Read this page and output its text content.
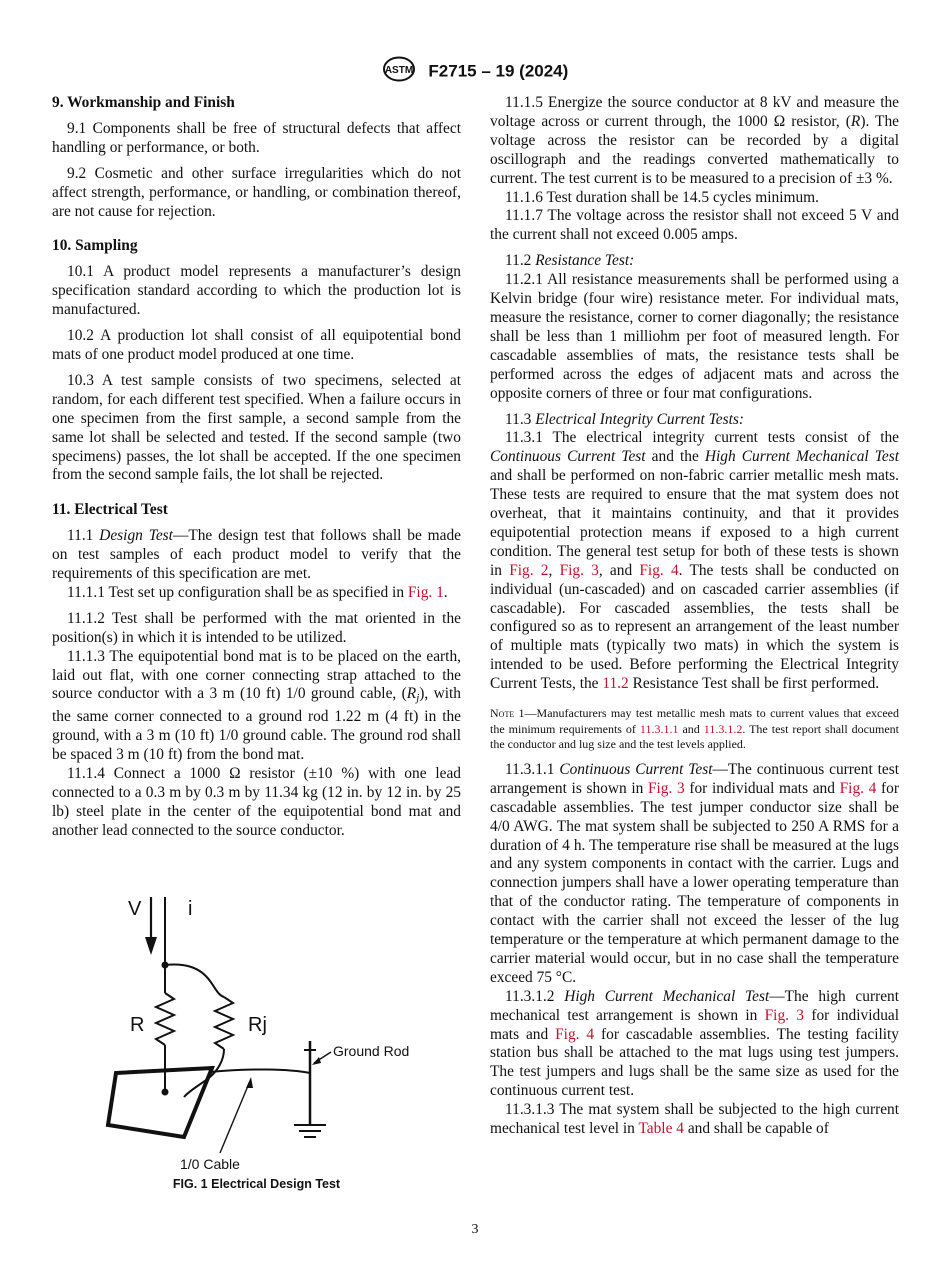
ASTM F2715 – 19 (2024)
9. Workmanship and Finish

9.1 Components shall be free of structural defects that affect handling or performance, or both.

9.2 Cosmetic and other surface irregularities which do not affect strength, performance, or handling, or combination thereof, are not cause for rejection.

10. Sampling

10.1 A product model represents a manufacturer’s design specification standard according to which the production lot is manufactured.

10.2 A production lot shall consist of all equipotential bond mats of one product model produced at one time.

10.3 A test sample consists of two specimens, selected at random, for each different test specified. When a failure occurs in one specimen from the first sample, a second sample from the same lot shall be selected and tested. If the second sample (two specimens) passes, the lot shall be accepted. If the one specimen from the second sample fails, the lot shall be rejected.

11. Electrical Test

11.1 Design Test—The design test that follows shall be made on test samples of each product model to verify that the requirements of this specification are met.

11.1.1 Test set up configuration shall be as specified in Fig. 1.

11.1.2 Test shall be performed with the mat oriented in the position(s) in which it is intended to be utilized.

11.1.3 The equipotential bond mat is to be placed on the earth, laid out flat, with one corner connecting strap attached to the source conductor with a 3 m (10 ft) 1/0 ground cable, $(R_j)$, with the same corner connected to a ground rod 1.22 m (4 ft) in the ground, with a 3 m (10 ft) 1/0 ground cable. The ground rod shall be spaced 3 m (10 ft) from the bond mat.

11.1.4 Connect a 1000 Ω resistor (±10 %) with one lead connected to a 0.3 m by 0.3 m by 11.34 kg (12 in. by 12 in. by 25 lb) steel plate in the center of the equipotential bond mat and another lead connected to the source conductor.

V i
R	Rj
Ground Rod
1/0 Cable
FIG. 1 Electrical Design Test

11.1.5 Energize the source conductor at 8 kV and measure the voltage across or current through, the 1000 Ω resistor, (R). The voltage across the resistor can be recorded by a digital oscillograph and the readings converted mathematically to current. The test current is to be measured to a precision of ±3 %.

11.1.6 Test duration shall be 14.5 cycles minimum.

11.1.7 The voltage across the resistor shall not exceed 5 V and the current shall not exceed 0.005 amps.

11.2 Resistance Test:

11.2.1 All resistance measurements shall be performed using a Kelvin bridge (four wire) resistance meter. For individual mats, measure the resistance, corner to corner diagonally; the resistance shall be less than 1 milliohm per foot of measured length. For cascadable assemblies of mats, the resistance tests shall be performed across the edges of adjacent mats and across the opposite corners of three or four mat configurations.

11.3 Electrical Integrity Current Tests:

11.3.1 The electrical integrity current tests consist of the Continuous Current Test and the High Current Mechanical Test and shall be performed on non-fabric carrier metallic mesh mats. These tests are required to ensure that the mat system does not overheat, that it maintains continuity, and that it provides equipotential protection means if exposed to a high current condition. The general test setup for both of these tests is shown in Fig. 2, Fig. 3, and Fig. 4. The tests shall be conducted on individual (un-cascaded) and on cascaded carrier assemblies (if cascadable). For cascaded assemblies, the tests shall be configured so as to represent an arrangement of the least number of multiple mats (typically two mats) in which the system is intended to be used. Before performing the Electrical Integrity Current Tests, the 11.2 Resistance Test shall be first performed.

Note 1—Manufacturers may test metallic mesh mats to current values that exceed the minimum requirements of 11.3.1.1 and 11.3.1.2. The test report shall document the conductor and lug size and the test levels applied.

11.3.1.1 Continuous Current Test—The continuous current test arrangement is shown in Fig. 3 for individual mats and Fig. 4 for cascadable assemblies. The test jumper conductor size shall be 4/0 AWG. The mat system shall be subjected to 250 A RMS for a duration of 4 h. The temperature rise shall be measured at the lugs and any system components in contact with the carrier. Lugs and connection jumpers shall have a lower operating temperature than that of the conductor rating. The temperature of components in contact with the carrier shall not exceed the lesser of the lug temperature or the temperature at which permanent damage to the carrier material would occur, but in no case shall the temperature exceed 75 °C.

11.3.1.2 High Current Mechanical Test—The high current mechanical test arrangement is shown in Fig. 3 for individual mats and Fig. 4 for cascadable assemblies. The testing facility station bus shall be attached to the mat lugs using test jumpers. The test jumpers and lugs shall be the same size as used for the continuous current test.

11.3.1.3 The mat system shall be subjected to the high current mechanical test level in Table 4 and shall be capable of

3
